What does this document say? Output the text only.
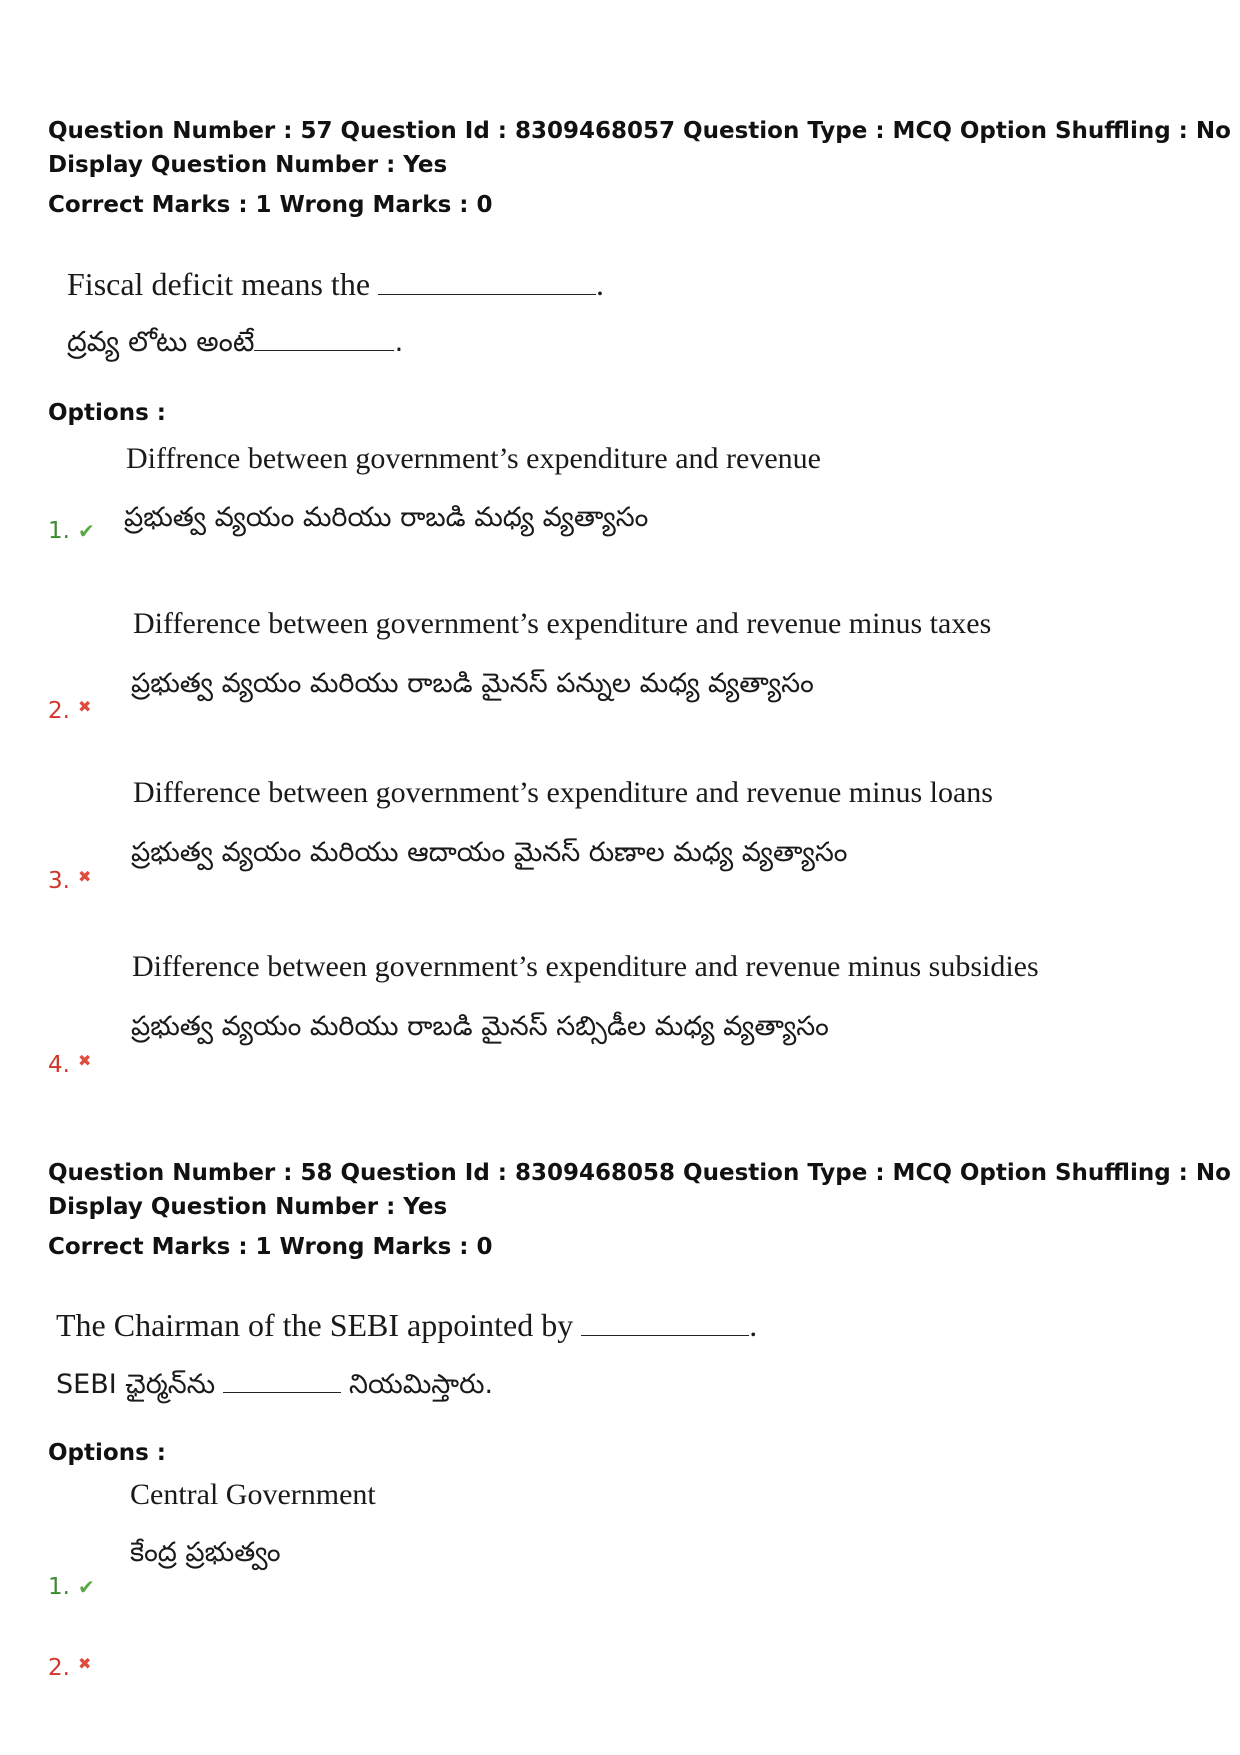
Question Number : 57 Question Id : 8309468057 Question Type : MCQ Option Shuffling : No
Display Question Number : Yes
Correct Marks : 1 Wrong Marks : 0
Fiscal deficit means the	.
ద్రవ్య లోటు అంటే	.
Options :
Diffrence between government’s expenditure and revenue
ప్రభుత్వ వ్యయం మరియు రాబడి మధ్య వ్యత్యాసం
1. ✔
Difference between government’s expenditure and revenue minus taxes
ప్రభుత్వ వ్యయం మరియు రాబడి మైనస్ పన్నుల మధ్య వ్యత్యాసం
2. ✖
Difference between government’s expenditure and revenue minus loans
ప్రభుత్వ వ్యయం మరియు ఆదాయం మైనస్ రుణాల మధ్య వ్యత్యాసం
3. ✖
Difference between government’s expenditure and revenue minus subsidies
ప్రభుత్వ వ్యయం మరియు రాబడి మైనస్ సబ్సిడీల మధ్య వ్యత్యాసం
4. ✖
Question Number : 58 Question Id : 8309468058 Question Type : MCQ Option Shuffling : No
Display Question Number : Yes
Correct Marks : 1 Wrong Marks : 0
The Chairman of the SEBI appointed by	.
SEBI ఛైర్మన్‌ను	నియమిస్తారు.
Options :
Central Government
కేంద్ర ప్రభుత్వం
1. ✔
2. ✖
